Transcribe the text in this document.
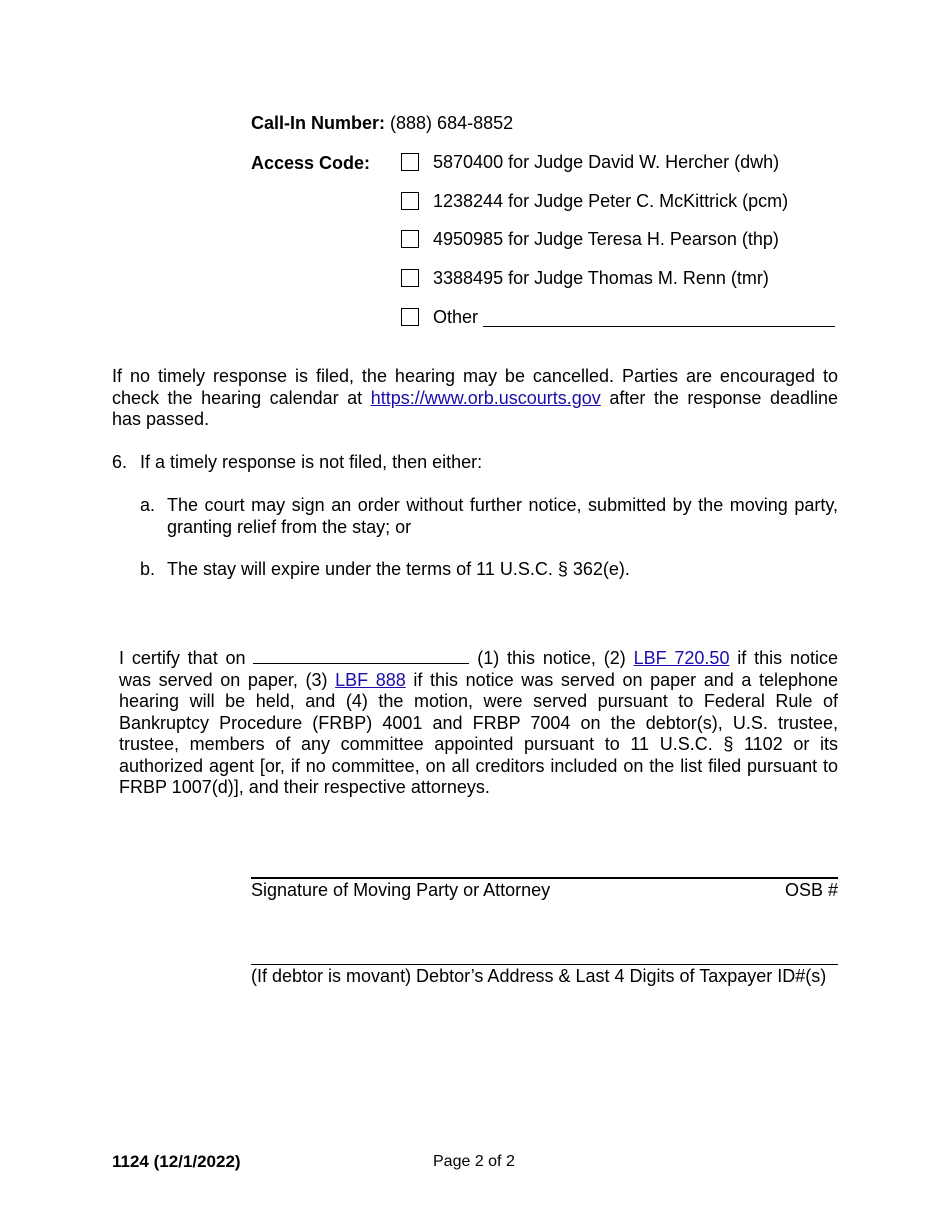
Call-In Number: (888) 684-8852
Access Code:	5870400 for Judge David W. Hercher (dwh)
1238244 for Judge Peter C. McKittrick (pcm)
4950985 for Judge Teresa H. Pearson (thp)
3388495 for Judge Thomas M. Renn (tmr)
Other
If no timely response is filed, the hearing may be cancelled. Parties are encouraged to check the hearing calendar at https://www.orb.uscourts.gov after the response deadline has passed.
6. If a timely response is not filed, then either:
a. The court may sign an order without further notice, submitted by the moving party, granting relief from the stay; or
b. The stay will expire under the terms of 11 U.S.C. § 362(e).
I certify that on	(1) this notice, (2) LBF 720.50 if this notice was served on paper, (3) LBF 888 if this notice was served on paper and a telephone hearing will be held, and (4) the motion, were served pursuant to Federal Rule of Bankruptcy Procedure (FRBP) 4001 and FRBP 7004 on the debtor(s), U.S. trustee, trustee, members of any committee appointed pursuant to 11 U.S.C. § 1102 or its authorized agent [or, if no committee, on all creditors included on the list filed pursuant to FRBP 1007(d)], and their respective attorneys.
Signature of Moving Party or Attorney	OSB #
(If debtor is movant) Debtor’s Address & Last 4 Digits of Taxpayer ID#(s)
1124 (12/1/2022)	Page 2 of 2
